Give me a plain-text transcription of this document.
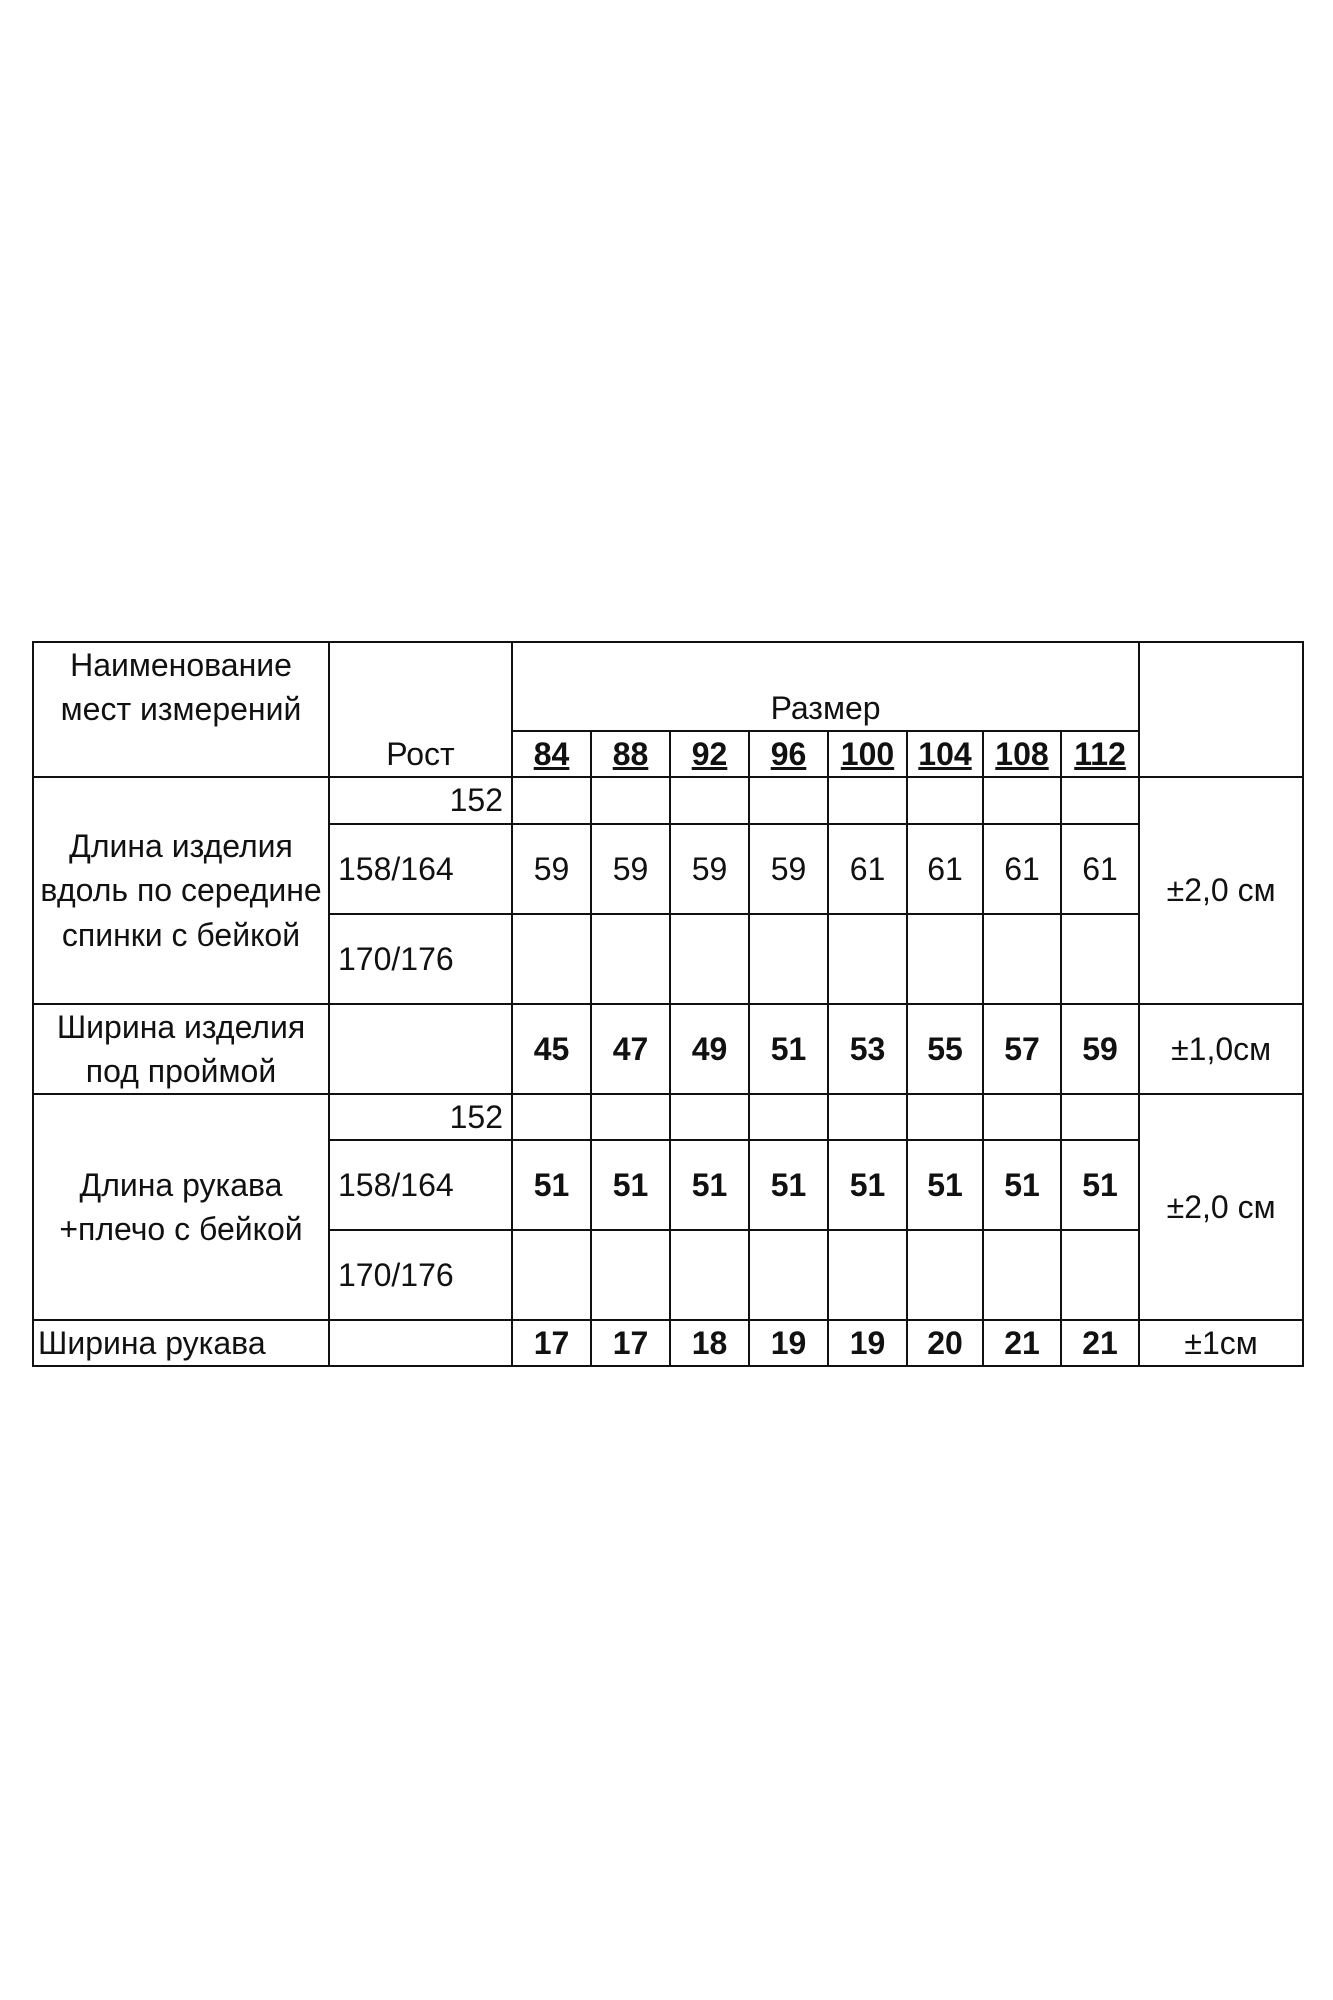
Наименование мест измерений		Размер								
	Рост	84	88	92	96	100	104	108	112	
Длина изделия вдоль по середине спинки с бейкой	152									±2,0 см
	158/164	59	59	59	59	61	61	61	61	
	170/176									
Ширина изделия под проймой		45	47	49	51	53	55	57	59	±1,0см
Длина рукава +плечо с бейкой	152									±2,0 см
	158/164	51	51	51	51	51	51	51	51	
	170/176									
Ширина рукава		17	17	18	19	19	20	21	21	±1см
